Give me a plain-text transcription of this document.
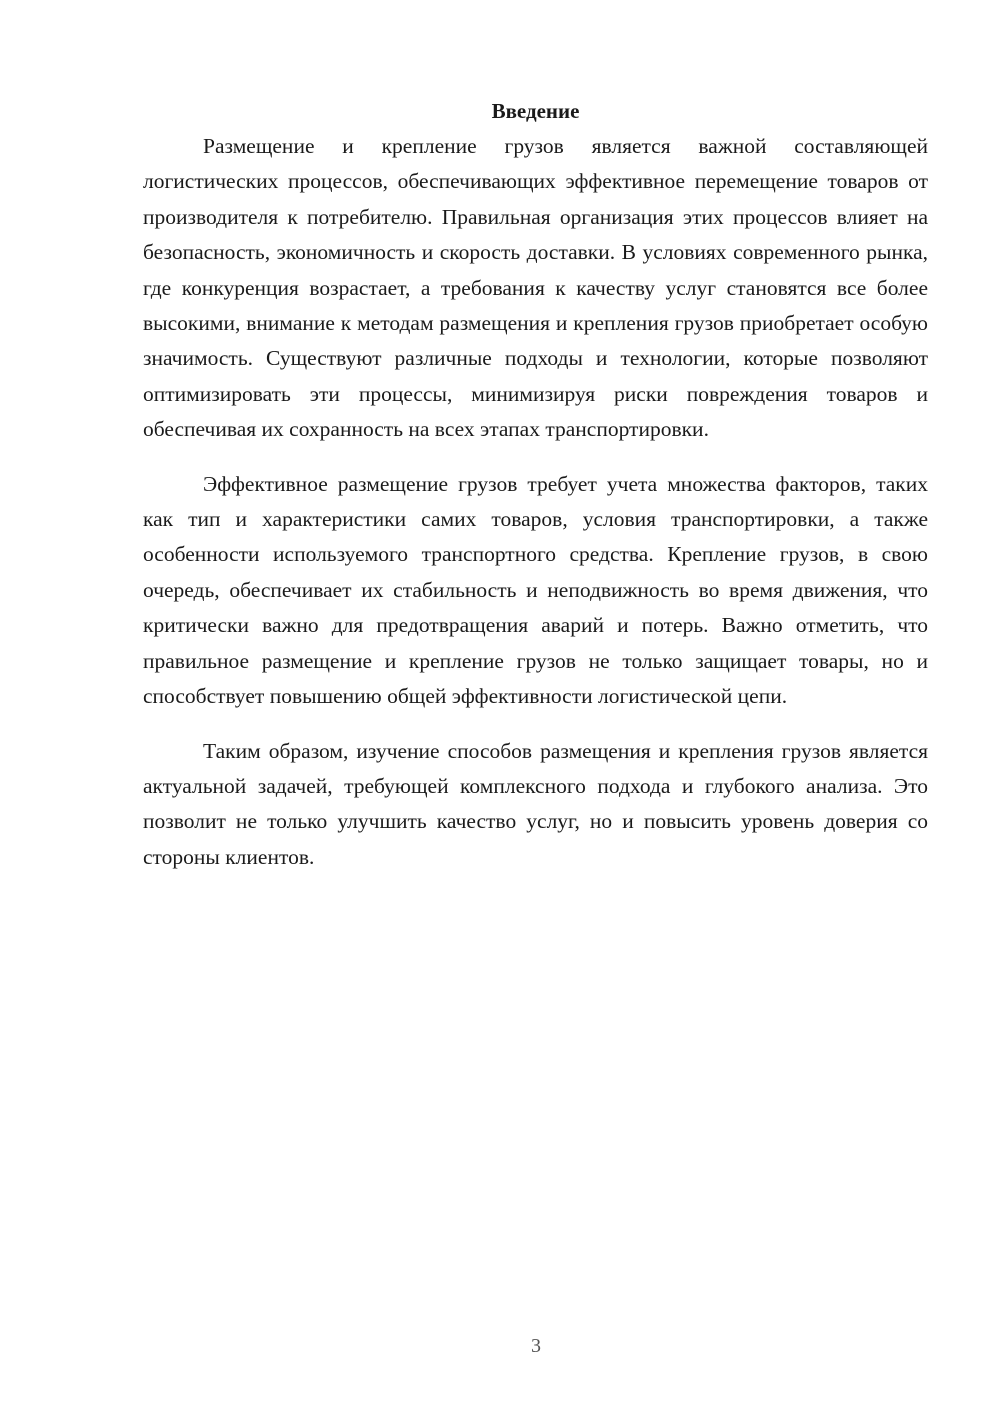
Введение

Размещение и крепление грузов является важной составляющей логистических процессов, обеспечивающих эффективное перемещение товаров от производителя к потребителю. Правильная организация этих процессов влияет на безопасность, экономичность и скорость доставки. В условиях современного рынка, где конкуренция возрастает, а требования к качеству услуг становятся все более высокими, внимание к методам размещения и крепления грузов приобретает особую значимость. Существуют различные подходы и технологии, которые позволяют оптимизировать эти процессы, минимизируя риски повреждения товаров и обеспечивая их сохранность на всех этапах транспортировки.

Эффективное размещение грузов требует учета множества факторов, таких как тип и характеристики самих товаров, условия транспортировки, а также особенности используемого транспортного средства. Крепление грузов, в свою очередь, обеспечивает их стабильность и неподвижность во время движения, что критически важно для предотвращения аварий и потерь. Важно отметить, что правильное размещение и крепление грузов не только защищает товары, но и способствует повышению общей эффективности логистической цепи.

Таким образом, изучение способов размещения и крепления грузов является актуальной задачей, требующей комплексного подхода и глубокого анализа. Это позволит не только улучшить качество услуг, но и повысить уровень доверия со стороны клиентов.

3
